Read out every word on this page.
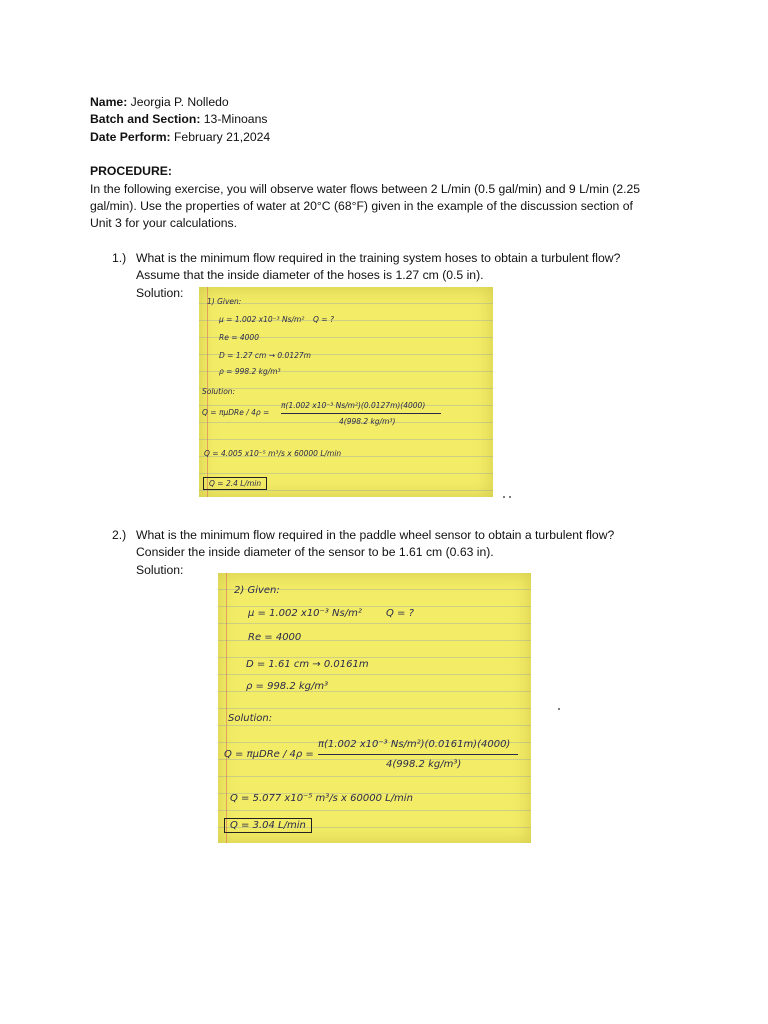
Name: Jeorgia P. Nolledo

Batch and Section: 13-Minoans

Date Perform: February 21,2024

PROCEDURE:

In the following exercise, you will observe water flows between 2 L/min (0.5 gal/min) and 9 L/min (2.25

gal/min). Use the properties of water at 20°C (68°F) given in the example of the discussion section of

Unit 3 for your calculations.

1.) What is the minimum flow required in the training system hoses to obtain a turbulent flow?

Assume that the inside diameter of the hoses is 1.27 cm (0.5 in).

Solution:

1) Given:
μ = 1.002 x10⁻³ Ns/m² Q = ?
Re = 4000
D = 1.27 cm → 0.0127m
ρ = 998.2 kg/m³
Solution:
Q = πμDRe / 4ρ =
π(1.002 x10⁻³ Ns/m²)(0.0127m)(4000)
4(998.2 kg/m³)
Q = 4.005 x10⁻⁵ m³/s x 60000 L/min
Q = 2.4 L/min
2.) What is the minimum flow required in the paddle wheel sensor to obtain a turbulent flow?

Consider the inside diameter of the sensor to be 1.61 cm (0.63 in).

Solution:

2) Given:
μ = 1.002 x10⁻³ Ns/m² Q = ?
Re = 4000
D = 1.61 cm → 0.0161m
ρ = 998.2 kg/m³
Solution:
Q = πμDRe / 4ρ =
π(1.002 x10⁻³ Ns/m²)(0.0161m)(4000)
4(998.2 kg/m³)
Q = 5.077 x10⁻⁵ m³/s x 60000 L/min
Q = 3.04 L/min
